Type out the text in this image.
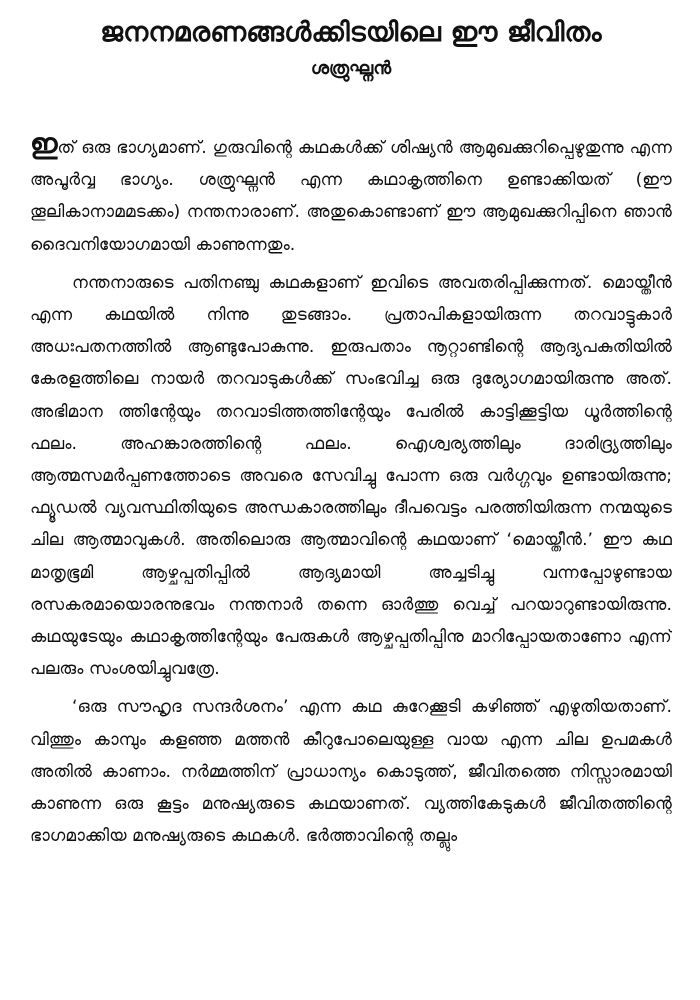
ജനനമരണങ്ങൾക്കിടയിലെ ഈ ജീവിതം
ശത്രുഘ്നൻ

ഇത് ഒരു ഭാഗ്യമാണ്. ഗുരുവിന്റെ കഥകൾക്ക് ശിഷ്യൻ ആമുഖക്കുറിപ്പെഴുതുന്നു എന്ന അപൂർവ്വ ഭാഗ്യം. ശത്രുഘ്നൻ എന്ന കഥാകൃത്തിനെ ഉണ്ടാക്കിയത് (ഈ തൂലികാനാമമടക്കം) നന്തനാരാണ്. അതുകൊണ്ടാണ് ഈ ആമുഖക്കുറിപ്പിനെ ഞാൻ ദൈവനിയോഗമായി കാണുന്നതും.

നന്തനാരുടെ പതിനഞ്ചു കഥകളാണ് ഇവിടെ അവതരിപ്പിക്കുന്നത്. മൊയ്തീൻ എന്ന കഥയിൽ നിന്നു തുടങ്ങാം. പ്രതാപികളായിരുന്ന തറവാട്ടുകാർ അധഃപതനത്തിൽ ആണ്ടുപോകുന്നു. ഇരുപതാം നൂറ്റാണ്ടിന്റെ ആദ്യപകുതിയിൽ കേരളത്തിലെ നായർ തറവാടുകൾക്ക് സംഭവിച്ച ഒരു ദുര്യോഗമായിരുന്നു അത്. അഭിമാന ത്തിന്റേയും തറവാടിത്തത്തിന്റേയും പേരിൽ കാട്ടിക്കൂട്ടിയ ധൂർത്തിന്റെ ഫലം. അഹങ്കാരത്തിന്റെ ഫലം. ഐശ്വര്യത്തിലും ദാരിദ്ര്യത്തിലും ആത്മസമർപ്പണത്തോടെ അവരെ സേവിച്ചു പോന്ന ഒരു വർഗ്ഗവും ഉണ്ടായിരുന്നു; ഫ്യൂഡൽ വ്യവസ്ഥിതിയുടെ അന്ധകാരത്തിലും ദീപവെട്ടം പരത്തിയിരുന്ന നന്മയുടെ ചില ആത്മാവുകൾ. അതിലൊരു ആത്മാവിന്റെ കഥയാണ് ‘മൊയ്തീൻ.’ ഈ കഥ മാതൃഭൂമി ആഴ്ചപ്പതിപ്പിൽ ആദ്യമായി അച്ചടിച്ചു വന്നപ്പോഴുണ്ടായ രസകരമായൊരനുഭവം നന്തനാർ തന്നെ ഓർത്തു വെച്ച് പറയാറുണ്ടായിരുന്നു. കഥയുടേയും കഥാകൃത്തിന്റേയും പേരുകൾ ആഴ്ചപ്പതിപ്പിനു മാറിപ്പോയതാണോ എന്ന് പലരും സംശയിച്ചുവത്രേ.

‘ഒരു സൗഹൃദ സന്ദർശനം’ എന്ന കഥ കുറേക്കൂടി കഴിഞ്ഞ് എഴുതിയതാണ്. വിത്തും കാമ്പും കളഞ്ഞ മത്തൻ കീറുപോലെയുള്ള വായ എന്ന ചില ഉപമകൾ അതിൽ കാണാം. നർമ്മത്തിന് പ്രാധാന്യം കൊടുത്ത്, ജീവിതത്തെ നിസ്സാരമായി കാണുന്ന ഒരു കൂട്ടം മനുഷ്യരുടെ കഥയാണത്. വ്യത്തികേടുകൾ ജീവിതത്തിന്റെ ഭാഗമാക്കിയ മനുഷ്യരുടെ കഥകൾ. ഭർത്താവിന്റെ തല്ലും
